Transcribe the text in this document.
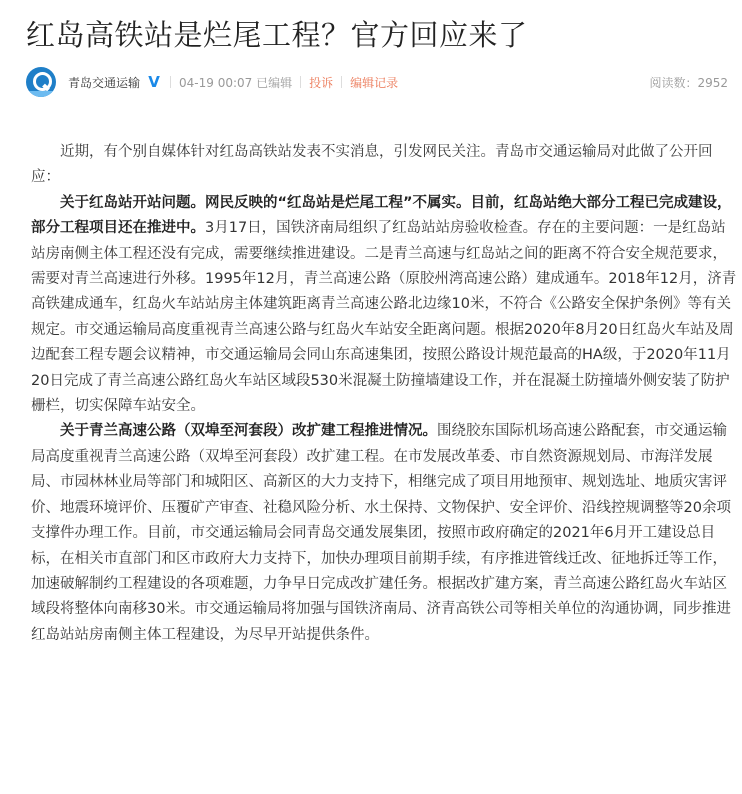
红岛高铁站是烂尾工程？官方回应来了
青岛交通运输 V 04-19 00:07 已编辑 投诉 编辑记录	阅读数：2952

近期，有个别自媒体针对红岛高铁站发表不实消息，引发网民关注。青岛市交通运输局对此做了公开回应：

关于红岛站开站问题。网民反映的“红岛站是烂尾工程”不属实。目前，红岛站绝大部分工程已完成建设，部分工程项目还在推进中。3月17日，国铁济南局组织了红岛站站房验收检查。存在的主要问题：一是红岛站站房南侧主体工程还没有完成，需要继续推进建设。二是青兰高速与红岛站之间的距离不符合安全规范要求，需要对青兰高速进行外移。1995年12月，青兰高速公路（原胶州湾高速公路）建成通车。2018年12月，济青高铁建成通车，红岛火车站站房主体建筑距离青兰高速公路北边缘10米，不符合《公路安全保护条例》等有关规定。市交通运输局高度重视青兰高速公路与红岛火车站安全距离问题。根据2020年8月20日红岛火车站及周边配套工程专题会议精神，市交通运输局会同山东高速集团，按照公路设计规范最高的HA级，于2020年11月20日完成了青兰高速公路红岛火车站区域段530米混凝土防撞墙建设工作，并在混凝土防撞墙外侧安装了防护栅栏，切实保障车站安全。

关于青兰高速公路（双埠至河套段）改扩建工程推进情况。围绕胶东国际机场高速公路配套，市交通运输局高度重视青兰高速公路（双埠至河套段）改扩建工程。在市发展改革委、市自然资源规划局、市海洋发展局、市园林林业局等部门和城阳区、高新区的大力支持下，相继完成了项目用地预审、规划选址、地质灾害评价、地震环境评价、压覆矿产审查、社稳风险分析、水土保持、文物保护、安全评价、沿线控规调整等20余项支撑件办理工作。目前，市交通运输局会同青岛交通发展集团，按照市政府确定的2021年6月开工建设总目标，在相关市直部门和区市政府大力支持下，加快办理项目前期手续，有序推进管线迁改、征地拆迁等工作，加速破解制约工程建设的各项难题，力争早日完成改扩建任务。根据改扩建方案，青兰高速公路红岛火车站区域段将整体向南移30米。市交通运输局将加强与国铁济南局、济青高铁公司等相关单位的沟通协调，同步推进红岛站站房南侧主体工程建设，为尽早开站提供条件。
